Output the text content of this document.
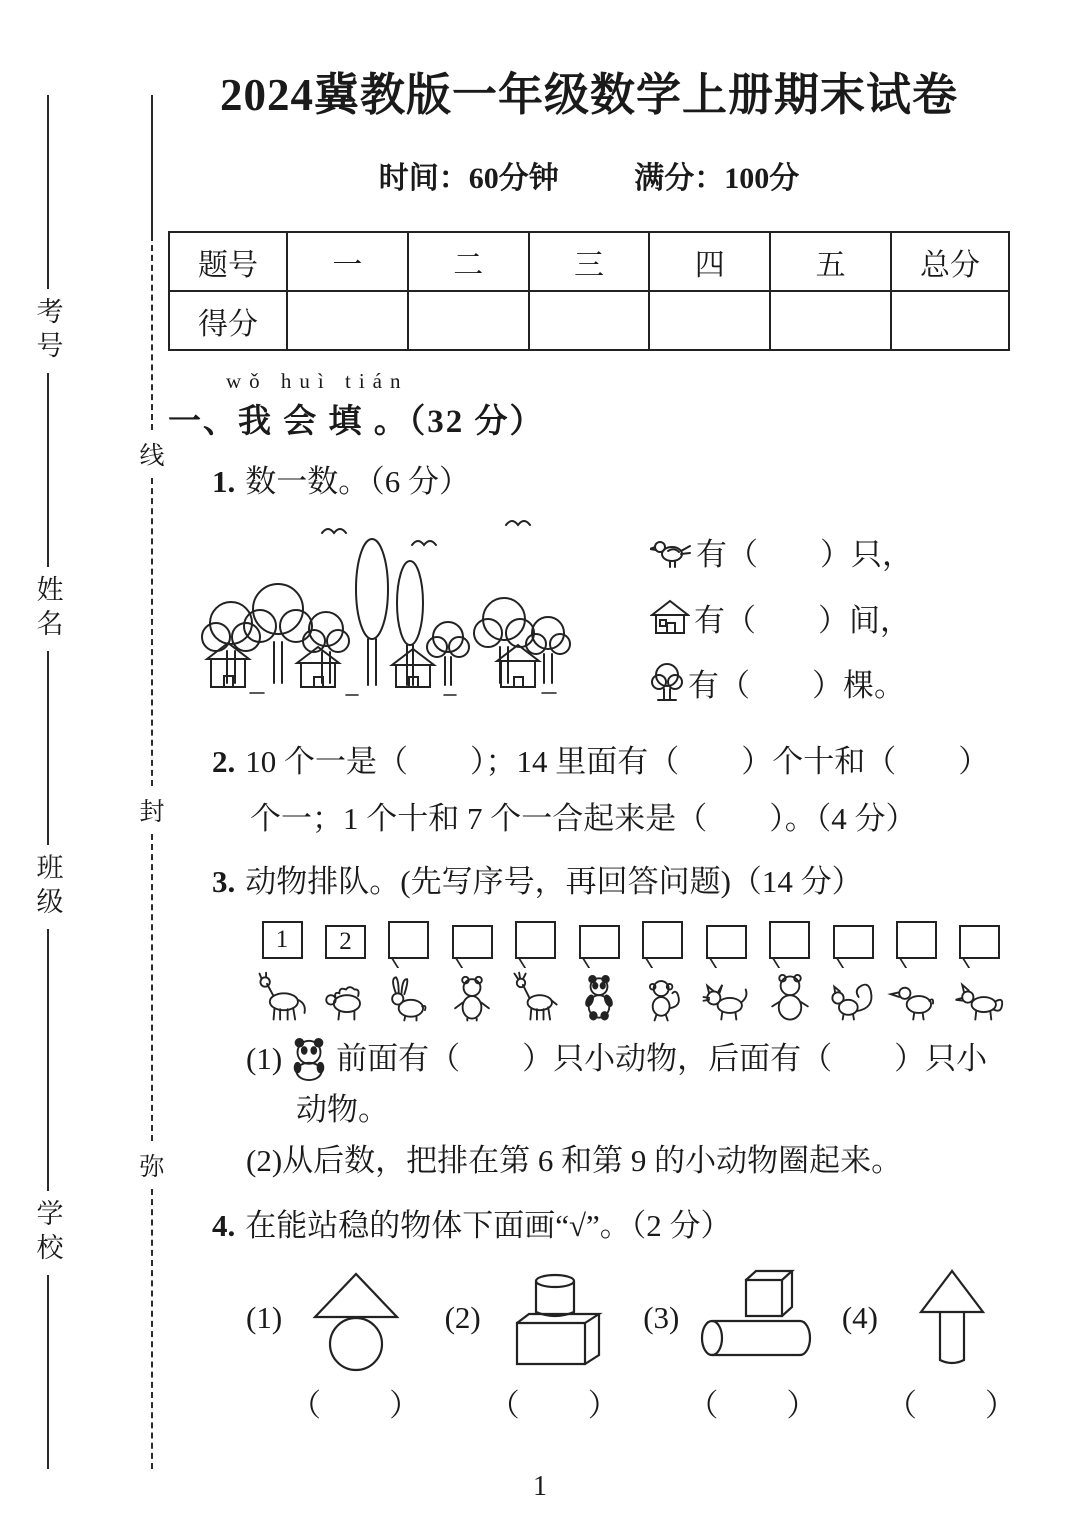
考号
姓名
班级
学校
线
封
弥
2024冀教版一年级数学上册期末试卷
时间：60分钟	满分：100分
题号	一	二	三	四	五	总分
得分						
wǒ huì tián
一、我 会 填 。（32 分）
1. 数一数。（6 分）
有（　　）只，
有（　　）间，
有（　　）棵。
2. 10 个一是（　　）；14 里面有（　　）个十和（　　）
个一；1 个十和 7 个一合起来是（　　）。（4 分）
3. 动物排队。(先写序号，再回答问题)（14 分）
1	2
(1) 前面有（　　）只小动物，后面有（　　）只小
动物。
(2)从后数，把排在第 6 和第 9 的小动物圈起来。
4. 在能站稳的物体下面画“√”。（2 分）
(1)
（　　）
(2)
（　　）
(3)
（　　）
(4)
（　　）
1
